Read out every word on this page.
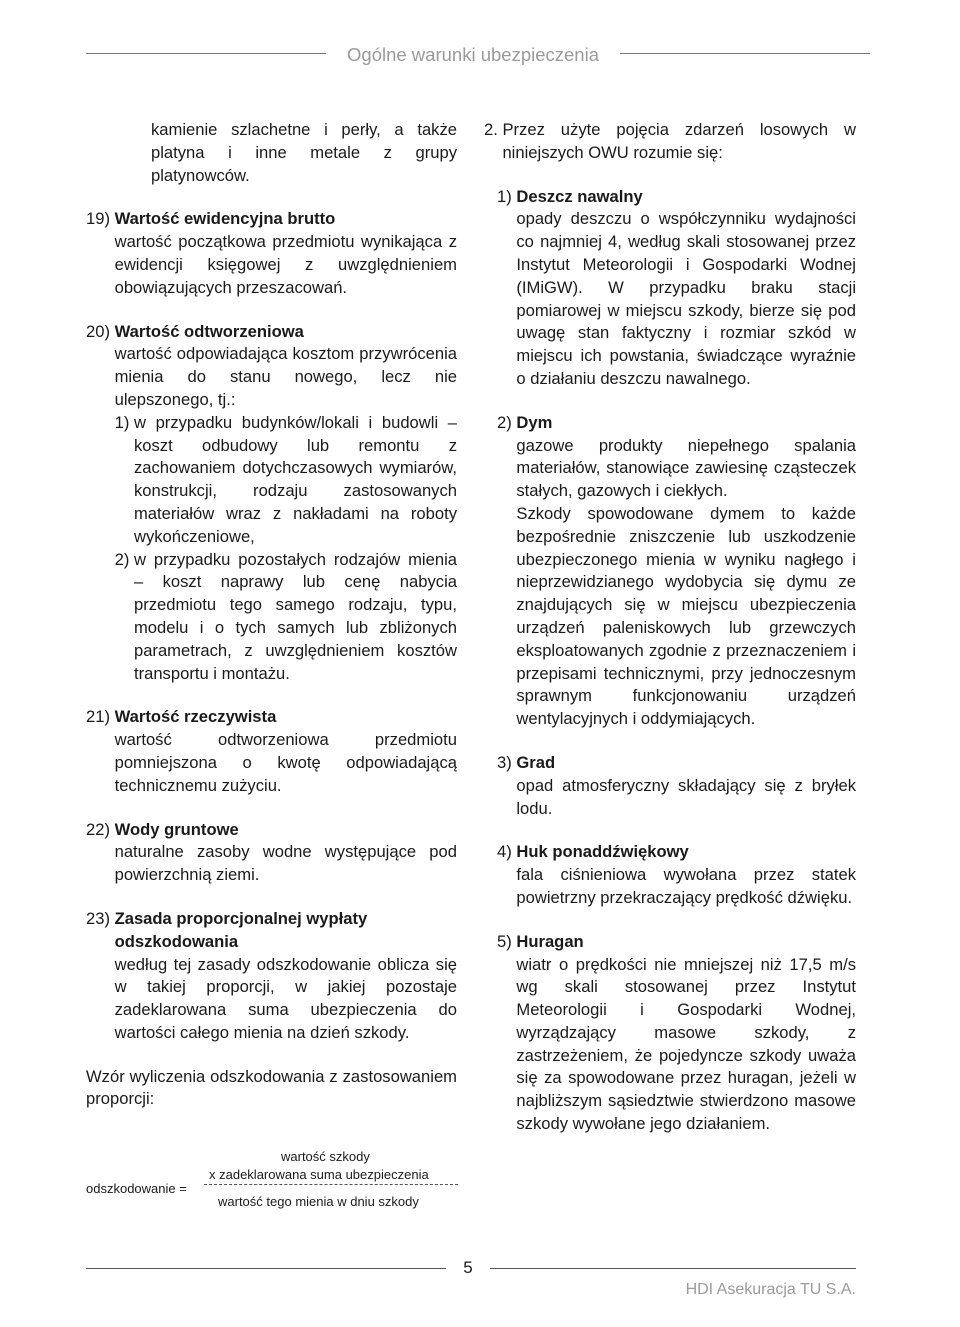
Ogólne warunki ubezpieczenia
kamienie szlachetne i perły, a także platyna i inne metale z grupy platynowców.
19) Wartość ewidencyjna brutto
wartość początkowa przedmiotu wynikająca z ewidencji księgowej z uwzględnieniem obowiązujących przeszacowań.
20) Wartość odtworzeniowa
wartość odpowiadająca kosztom przywrócenia mienia do stanu nowego, lecz nie ulepszonego, tj.:
1) w przypadku budynków/lokali i budowli – koszt odbudowy lub remontu z zachowaniem dotychczasowych wymiarów, konstrukcji, rodzaju zastosowanych materiałów wraz z nakładami na roboty wykończeniowe,
2) w przypadku pozostałych rodzajów mienia – koszt naprawy lub cenę nabycia przedmiotu tego samego rodzaju, typu, modelu i o tych samych lub zbliżonych parametrach, z uwzględnieniem kosztów transportu i montażu.
21) Wartość rzeczywista
wartość odtworzeniowa przedmiotu pomniejszona o kwotę odpowiadającą technicznemu zużyciu.
22) Wody gruntowe
naturalne zasoby wodne występujące pod powierzchnią ziemi.
23) Zasada proporcjonalnej wypłaty odszkodowania
według tej zasady odszkodowanie oblicza się w takiej proporcji, w jakiej pozostaje zadeklarowana suma ubezpieczenia do wartości całego mienia na dzień szkody.
Wzór wyliczenia odszkodowania z zastosowaniem proporcji:
wartość szkody
x zadeklarowana suma ubezpieczenia
odszkodowanie =
wartość tego mienia w dniu szkody
2. Przez użyte pojęcia zdarzeń losowych w niniejszych OWU rozumie się:
1) Deszcz nawalny
opady deszczu o współczynniku wydajności co najmniej 4, według skali stosowanej przez Instytut Meteorologii i Gospodarki Wodnej (IMiGW). W przypadku braku stacji pomiarowej w miejscu szkody, bierze się pod uwagę stan faktyczny i rozmiar szkód w miejscu ich powstania, świadczące wyraźnie o działaniu deszczu nawalnego.
2) Dym
gazowe produkty niepełnego spalania materiałów, stanowiące zawiesinę cząsteczek stałych, gazowych i ciekłych.
Szkody spowodowane dymem to każde bezpośrednie zniszczenie lub uszkodzenie ubezpieczonego mienia w wyniku nagłego i nieprzewidzianego wydobycia się dymu ze znajdujących się w miejscu ubezpieczenia urządzeń paleniskowych lub grzewczych eksploatowanych zgodnie z przeznaczeniem i przepisami technicznymi, przy jednoczesnym sprawnym funkcjonowaniu urządzeń wentylacyjnych i oddymiających.
3) Grad
opad atmosferyczny składający się z bryłek lodu.
4) Huk ponaddźwiękowy
fala ciśnieniowa wywołana przez statek powietrzny przekraczający prędkość dźwięku.
5) Huragan
wiatr o prędkości nie mniejszej niż 17,5 m/s wg skali stosowanej przez Instytut Meteorologii i Gospodarki Wodnej, wyrządzający masowe szkody, z zastrzeżeniem, że pojedyncze szkody uważa się za spowodowane przez huragan, jeżeli w najbliższym sąsiedztwie stwierdzono masowe szkody wywołane jego działaniem.
5
HDI Asekuracja TU S.A.
